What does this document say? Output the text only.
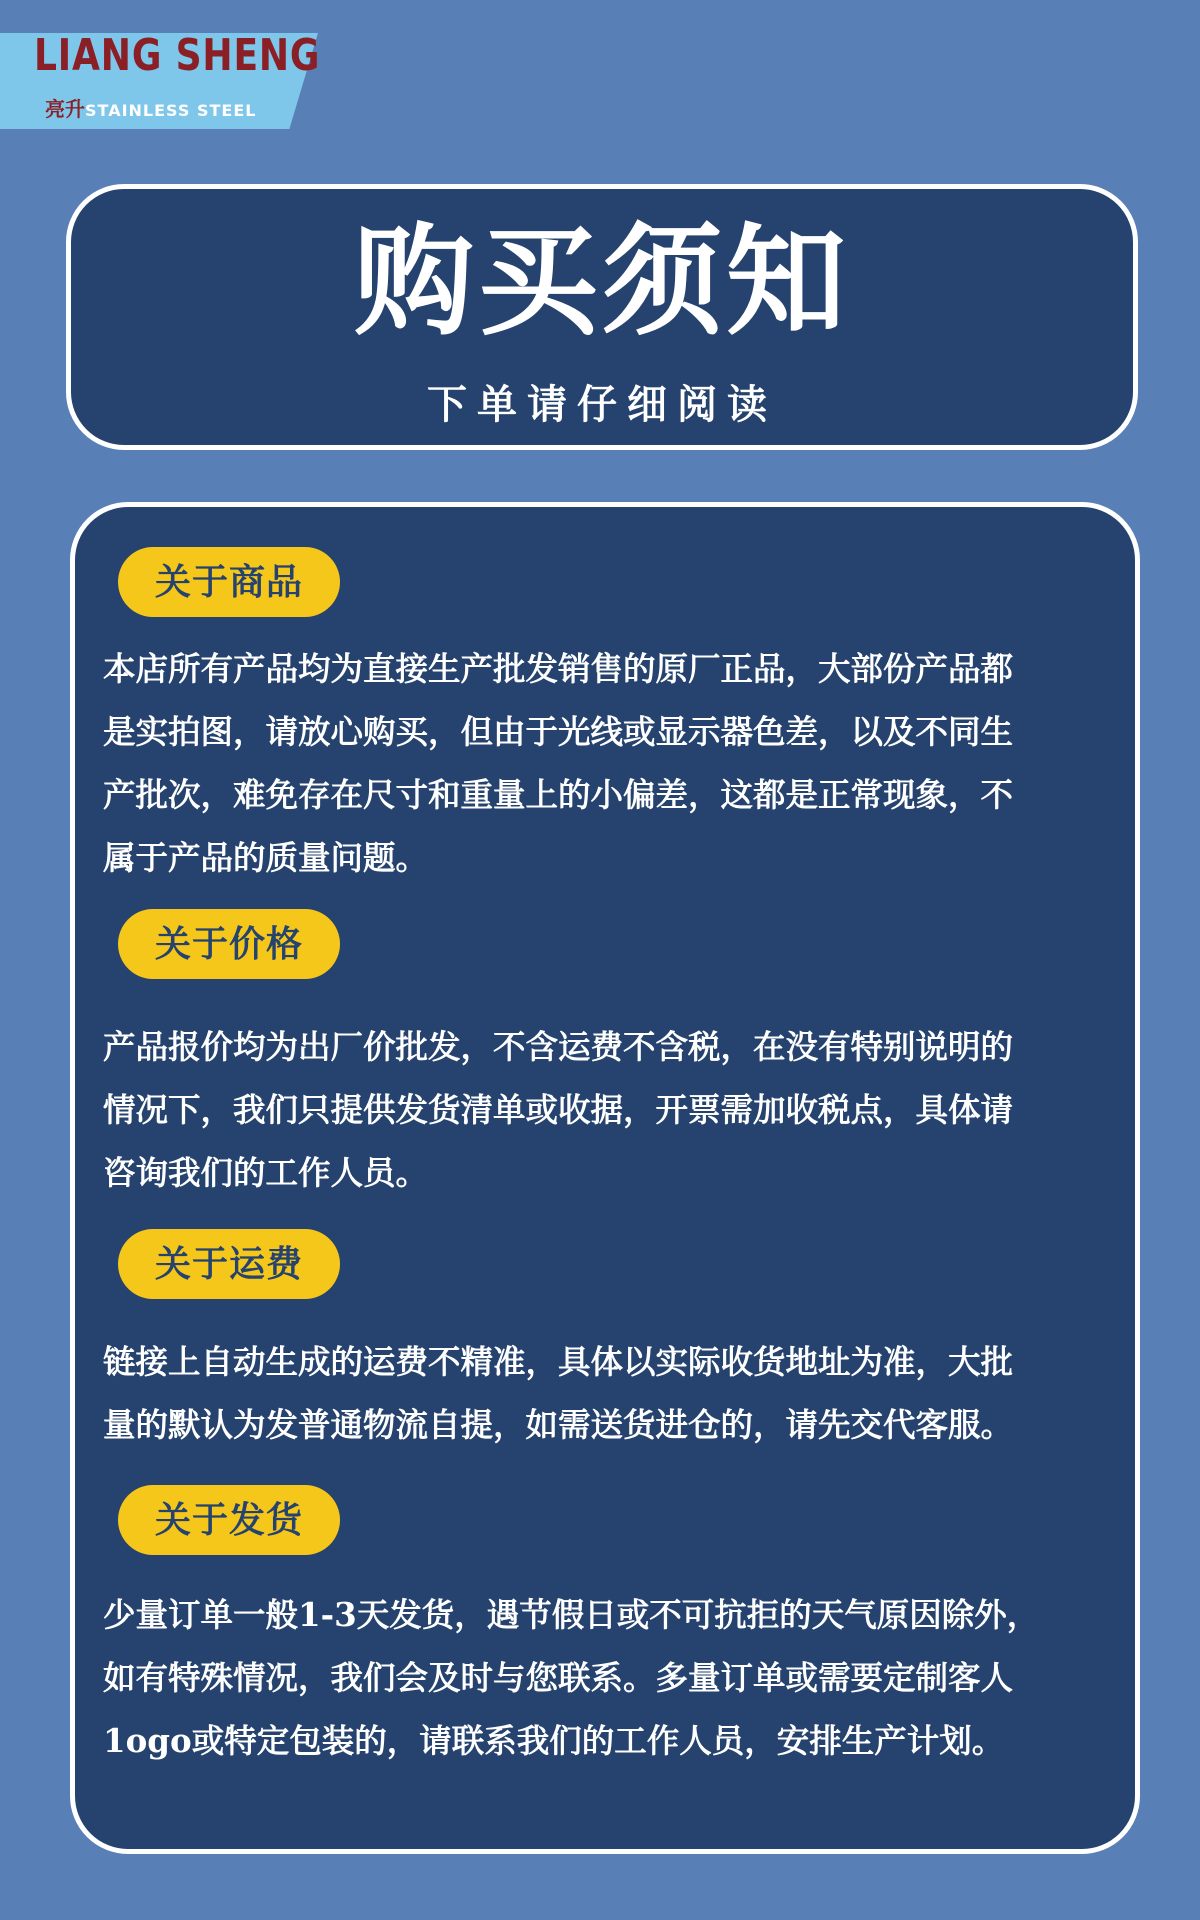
LIANG SHENG
亮升STAINLESS STEEL
购买须知
下单请仔细阅读
关于商品

本店所有产品均为直接生产批发销售的原厂正品，大部份产品都

是实拍图，请放心购买，但由于光线或显示器色差，以及不同生

产批次，难免存在尺寸和重量上的小偏差，这都是正常现象，不

属于产品的质量问题。

关于价格

产品报价均为出厂价批发，不含运费不含税，在没有特别说明的

情况下，我们只提供发货清单或收据，开票需加收税点，具体请

咨询我们的工作人员。

关于运费

链接上自动生成的运费不精准，具体以实际收货地址为准，大批

量的默认为发普通物流自提，如需送货进仓的，请先交代客服。

关于发货

少量订单一般1-3天发货，遇节假日或不可抗拒的天气原因除外，

如有特殊情况，我们会及时与您联系。多量订单或需要定制客人

1ogo或特定包装的，请联系我们的工作人员，安排生产计划。
